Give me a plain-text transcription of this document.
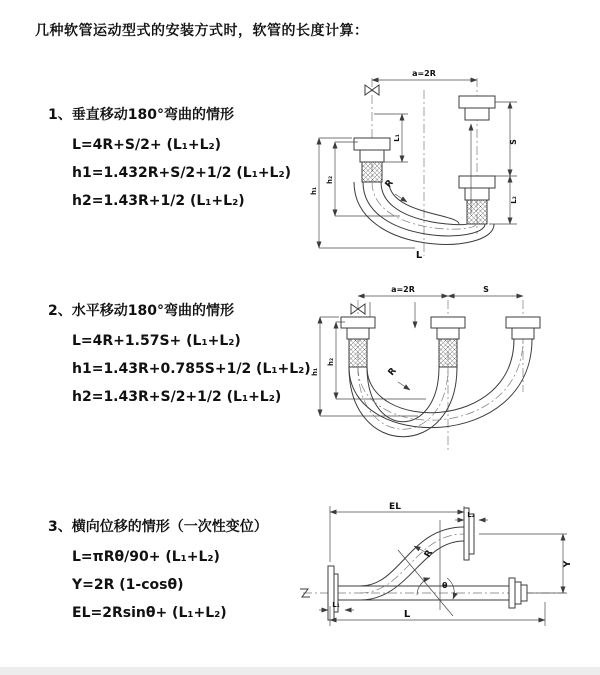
几种软管运动型式的安装方式时，软管的长度计算：
1、垂直移动180°弯曲的情形
L=4R+S/2+ (L₁+L₂)
h1=1.432R+S/2+1/2 (L₁+L₂)
h2=1.43R+1/2 (L₁+L₂)
2、水平移动180°弯曲的情形
L=4R+1.57S+ (L₁+L₂)
h1=1.43R+0.785S+1/2 (L₁+L₂)
h2=1.43R+S/2+1/2 (L₁+L₂)
3、横向位移的情形（一次性变位）
L=πRθ/90+ (L₁+L₂)
Y=2R (1-cosθ)
EL=2Rsinθ+ (L₁+L₂)
a=2R
L₁
S
L₂
h₁
h₂	R
L
a=2R	S
h₁
h₂
R
θ
R
EL
L₂
Y
L₁
L
